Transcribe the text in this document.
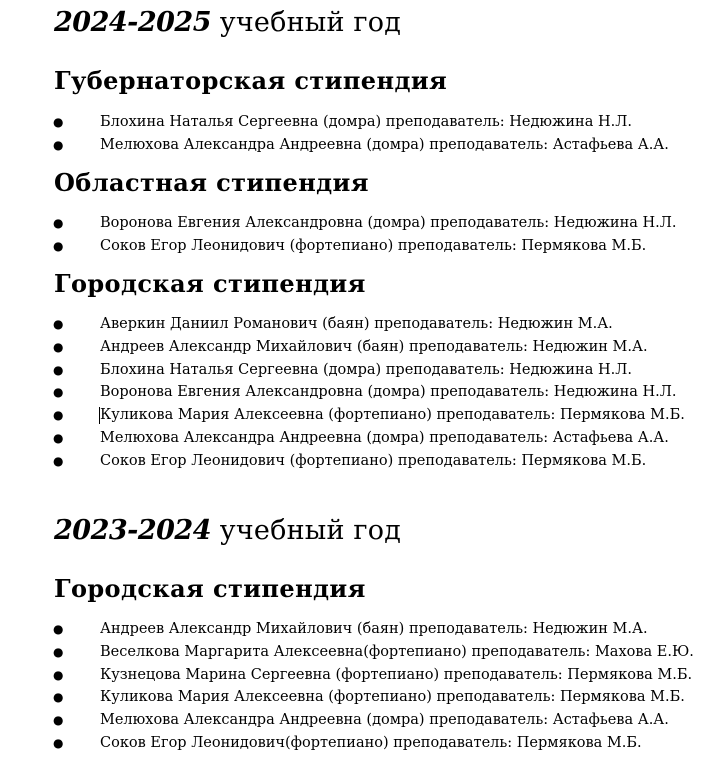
2024-2025 учебный год
Губернаторская стипендия
●	Блохина Наталья Сергеевна (домра) преподаватель: Недюжина Н.Л.
●	Мелюхова Александра Андреевна (домра) преподаватель: Астафьева А.А.
Областная стипендия
●	Воронова Евгения Александровна (домра) преподаватель: Недюжина Н.Л.
●	Соков Егор Леонидович (фортепиано) преподаватель: Пермякова М.Б.
Городская стипендия
●	Аверкин Даниил Романович (баян) преподаватель: Недюжин М.А.
●	Андреев Александр Михайлович (баян) преподаватель: Недюжин М.А.
●	Блохина Наталья Сергеевна (домра) преподаватель: Недюжина Н.Л.
●	Воронова Евгения Александровна (домра) преподаватель: Недюжина Н.Л.
●	Куликова Мария Алексеевна (фортепиано) преподаватель: Пермякова М.Б.
●	Мелюхова Александра Андреевна (домра) преподаватель: Астафьева А.А.
●	Соков Егор Леонидович (фортепиано) преподаватель: Пермякова М.Б.
2023-2024 учебный год
Городская стипендия
●	Андреев Александр Михайлович (баян) преподаватель: Недюжин М.А.
●	Веселкова Маргарита Алексеевна(фортепиано) преподаватель: Махова Е.Ю.
●	Кузнецова Марина Сергеевна (фортепиано) преподаватель: Пермякова М.Б.
●	Куликова Мария Алексеевна (фортепиано) преподаватель: Пермякова М.Б.
●	Мелюхова Александра Андреевна (домра) преподаватель: Астафьева А.А.
●	Соков Егор Леонидович(фортепиано) преподаватель: Пермякова М.Б.
